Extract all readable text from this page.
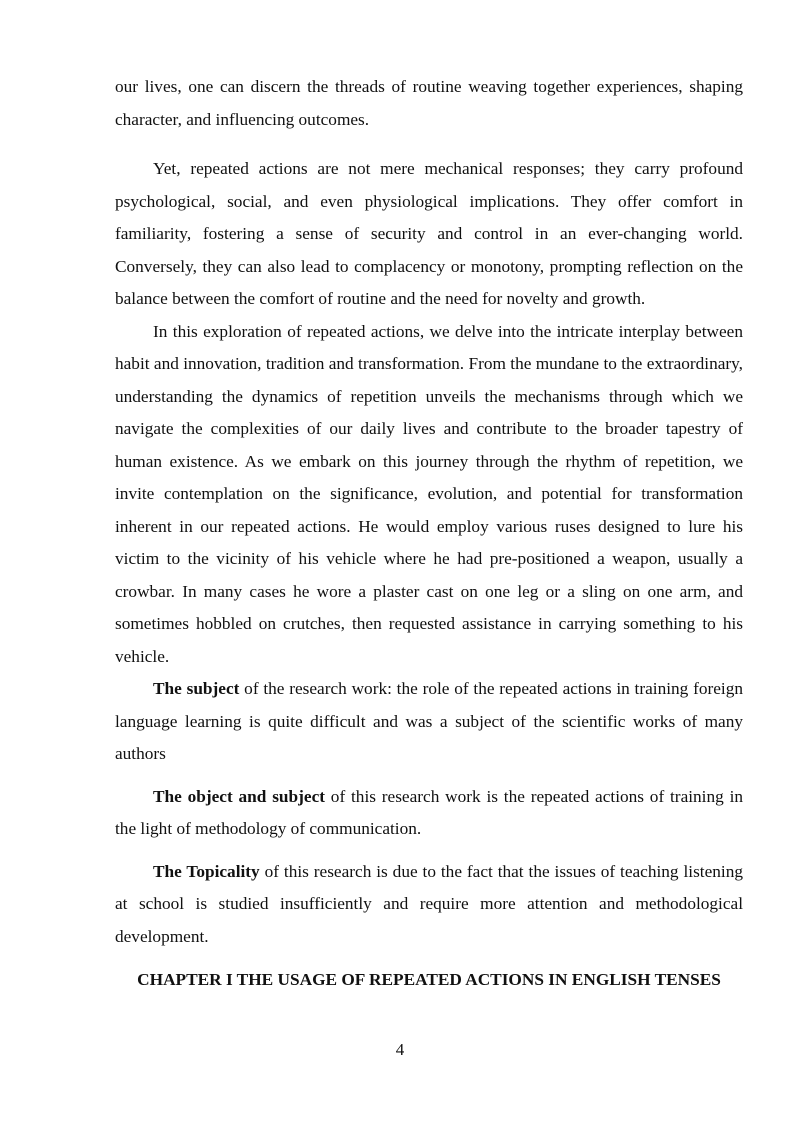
our lives, one can discern the threads of routine weaving together experiences, shaping character, and influencing outcomes.

Yet, repeated actions are not mere mechanical responses; they carry profound psychological, social, and even physiological implications. They offer comfort in familiarity, fostering a sense of security and control in an ever-changing world. Conversely, they can also lead to complacency or monotony, prompting reflection on the balance between the comfort of routine and the need for novelty and growth.

In this exploration of repeated actions, we delve into the intricate interplay between habit and innovation, tradition and transformation. From the mundane to the extraordinary, understanding the dynamics of repetition unveils the mechanisms through which we navigate the complexities of our daily lives and contribute to the broader tapestry of human existence. As we embark on this journey through the rhythm of repetition, we invite contemplation on the significance, evolution, and potential for transformation inherent in our repeated actions. He would employ various ruses designed to lure his victim to the vicinity of his vehicle where he had pre-positioned a weapon, usually a crowbar. In many cases he wore a plaster cast on one leg or a sling on one arm, and sometimes hobbled on crutches, then requested assistance in carrying something to his vehicle.

The subject of the research work: the role of the repeated actions in training foreign language learning is quite difficult and was a subject of the scientific works of many authors

The object and subject of this research work is the repeated actions of training in the light of methodology of communication.

The Topicality of this research is due to the fact that the issues of teaching listening at school is studied insufficiently and require more attention and methodological development.

CHAPTER I THE USAGE OF REPEATED ACTIONS IN ENGLISH TENSES
4
